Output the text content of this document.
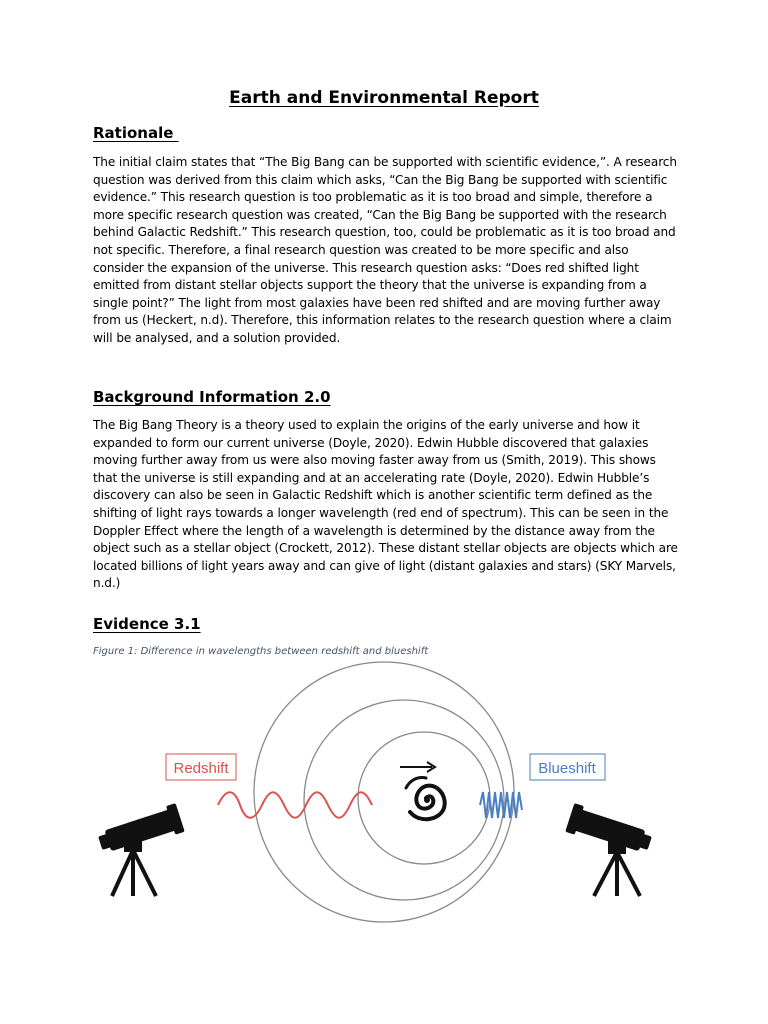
Earth and Environmental Report
Rationale
The initial claim states that “The Big Bang can be supported with scientific evidence,”. A research question was derived from this claim which asks, “Can the Big Bang be supported with scientific evidence.” This research question is too problematic as it is too broad and simple, therefore a more specific research question was created, “Can the Big Bang be supported with the research behind Galactic Redshift.” This research question, too, could be problematic as it is too broad and not specific. Therefore, a final research question was created to be more specific and also consider the expansion of the universe. This research question asks: “Does red shifted light emitted from distant stellar objects support the theory that the universe is expanding from a single point?” The light from most galaxies have been red shifted and are moving further away from us (Heckert, n.d). Therefore, this information relates to the research question where a claim will be analysed, and a solution provided.
Background Information 2.0
The Big Bang Theory is a theory used to explain the origins of the early universe and how it expanded to form our current universe (Doyle, 2020). Edwin Hubble discovered that galaxies moving further away from us were also moving faster away from us (Smith, 2019). This shows that the universe is still expanding and at an accelerating rate (Doyle, 2020). Edwin Hubble’s discovery can also be seen in Galactic Redshift which is another scientific term defined as the shifting of light rays towards a longer wavelength (red end of spectrum). This can be seen in the Doppler Effect where the length of a wavelength is determined by the distance away from the object such as a stellar object (Crockett, 2012). These distant stellar objects are objects which are located billions of light years away and can give of light (distant galaxies and stars) (SKY Marvels, n.d.)
Evidence 3.1
Figure 1: Difference in wavelengths between redshift and blueshift
Redshift	Blueshift
